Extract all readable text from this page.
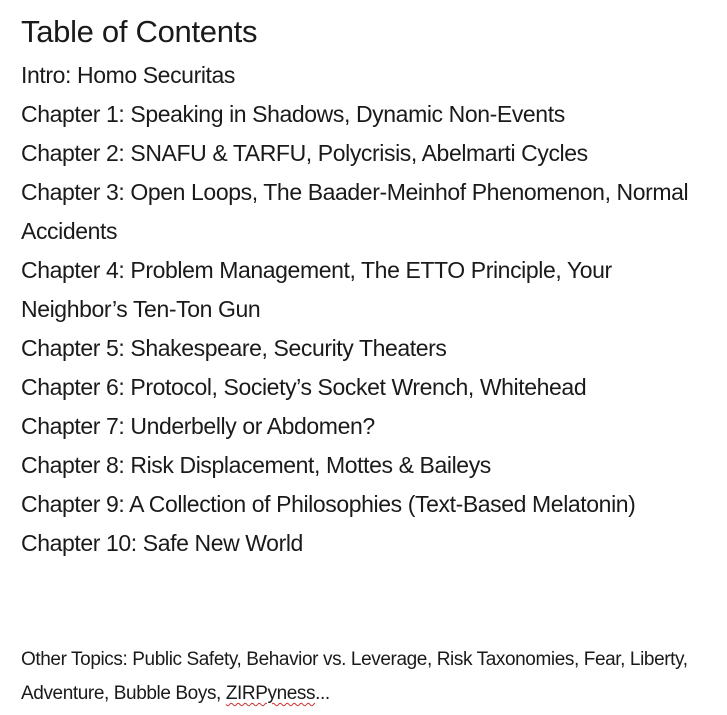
Table of Contents
Intro: Homo Securitas
Chapter 1: Speaking in Shadows, Dynamic Non-Events
Chapter 2: SNAFU & TARFU, Polycrisis, Abelmarti Cycles
Chapter 3: Open Loops, The Baader-Meinhof Phenomenon, Normal Accidents
Chapter 4: Problem Management, The ETTO Principle, Your Neighbor’s Ten-Ton Gun
Chapter 5: Shakespeare, Security Theaters
Chapter 6: Protocol, Society’s Socket Wrench, Whitehead
Chapter 7: Underbelly or Abdomen?
Chapter 8: Risk Displacement, Mottes & Baileys
Chapter 9: A Collection of Philosophies (Text-Based Melatonin)
Chapter 10: Safe New World

Other Topics: Public Safety, Behavior vs. Leverage, Risk Taxonomies, Fear, Liberty, Adventure, Bubble Boys, ZIRPyness...
